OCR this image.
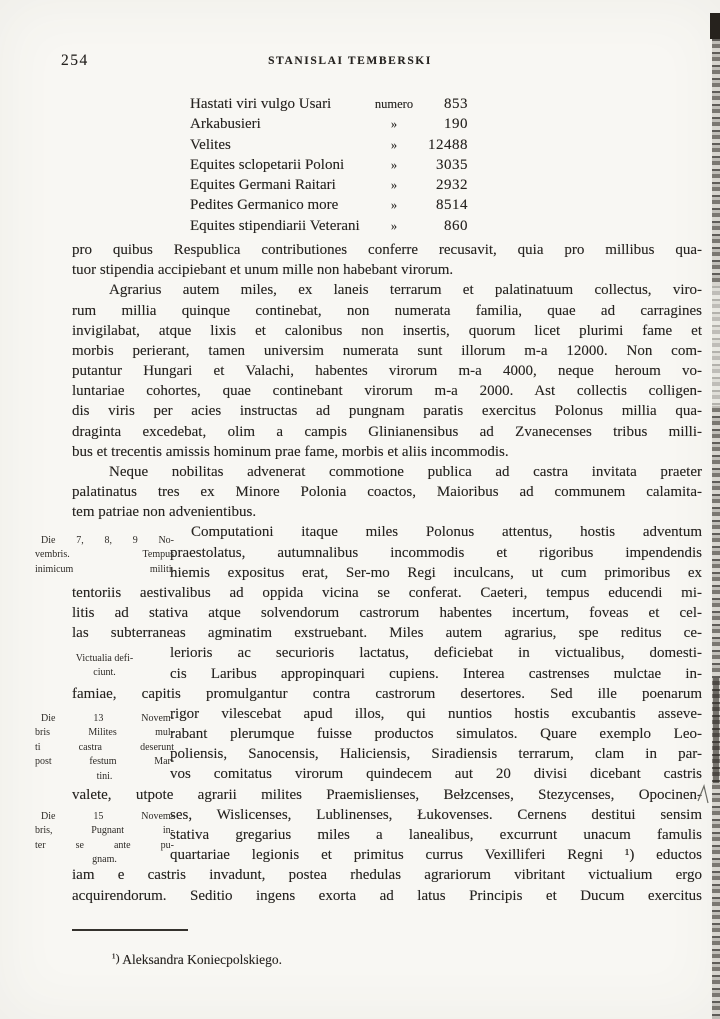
254	STANISLAI TEMBERSKI
Hastati viri vulgo Usari	numero	853
Arkabusieri	»	190
Velites	»	12488
Equites sclopetarii Poloni	»	3035
Equites Germani Raitari	»	2932
Pedites Germanico more	»	8514
Equites stipendiarii Veterani	»	860
pro quibus Respublica contributiones conferre recusavit, quia pro millibus qua-
tuor stipendia accipiebant et unum mille non habebant virorum.
Agrarius autem miles, ex laneis terrarum et palatinatuum collectus, viro-
rum millia quinque continebat, non numerata familia, quae ad carragines
invigilabat, atque lixis et calonibus non insertis, quorum licet plurimi fame et
morbis perierant, tamen universim numerata sunt illorum m-a 12000. Non com-
putantur Hungari et Valachi, habentes virorum m-a 4000, neque heroum vo-
luntariae cohortes, quae continebant virorum m-a 2000. Ast collectis colligen-
dis viris per acies instructas ad pungnam paratis exercitus Polonus millia qua-
draginta excedebat, olim a campis Glinianensibus ad Zvanecenses tribus milli-
bus et trecentis amissis hominum prae fame, morbis et aliis incommodis.
Neque nobilitas advenerat commotione publica ad castra invitata praeter
palatinatus tres ex Minore Polonia coactos, Maioribus ad communem calamita-
tem patriae non advenientibus.
Computationi itaque miles Polonus attentus, hostis adventum
praestolatus, autumnalibus incommodis et rigoribus impendendis
hiemis expositus erat, Ser-mo Regi inculcans, ut cum primoribus ex
tentoriis aestivalibus ad oppida vicina se conferat. Caeteri, tempus educendi mi-
litis ad stativa atque solvendorum castrorum habentes incertum, foveas et cel-
las subterraneas agminatim exstruebant. Miles autem agrarius, spe reditus ce-
lerioris ac securioris lactatus, deficiebat in victualibus, domesti-
cis Laribus appropinquari cupiens. Interea castrenses mulctae in-
famiae, capitis promulgantur contra castrorum desertores. Sed ille poenarum
rigor vilescebat apud illos, qui nuntios hostis excubantis asseve-
rabant plerumque fuisse productos simulatos. Quare exemplo Leo-
poliensis, Sanocensis, Haliciensis, Siradiensis terrarum, clam in par-
vos comitatus virorum quindecem aut 20 divisi dicebant castris
valete, utpote agrarii milites Praemislienses, Bełzcenses, Stezycenses, Opocinen-
ses, Wislicenses, Lublinenses, Łukovenses. Cernens destitui sensim
stativa gregarius miles a lanealibus, excurrunt unacum famulis
quartariae legionis et primitus currus Vexilliferi Regni ¹) eductos
iam e castris invadunt, postea rhedulas agrariorum vibritant victualium ergo
acquirendorum. Seditio ingens exorta ad latus Principis et Ducum exercitus
Die 7, 8, 9 No-
vembris. Tempus
inimicum militi.
Victualia defi-
ciunt.
Die 13 Novem-
bris Milites mul-
ti castra deserunt
post festum Mar-
tini.
Die 15 Novem-
bris, Pugnant in-
ter se ante pu-
gnam.
¹) Aleksandra Koniecpolskiego.
